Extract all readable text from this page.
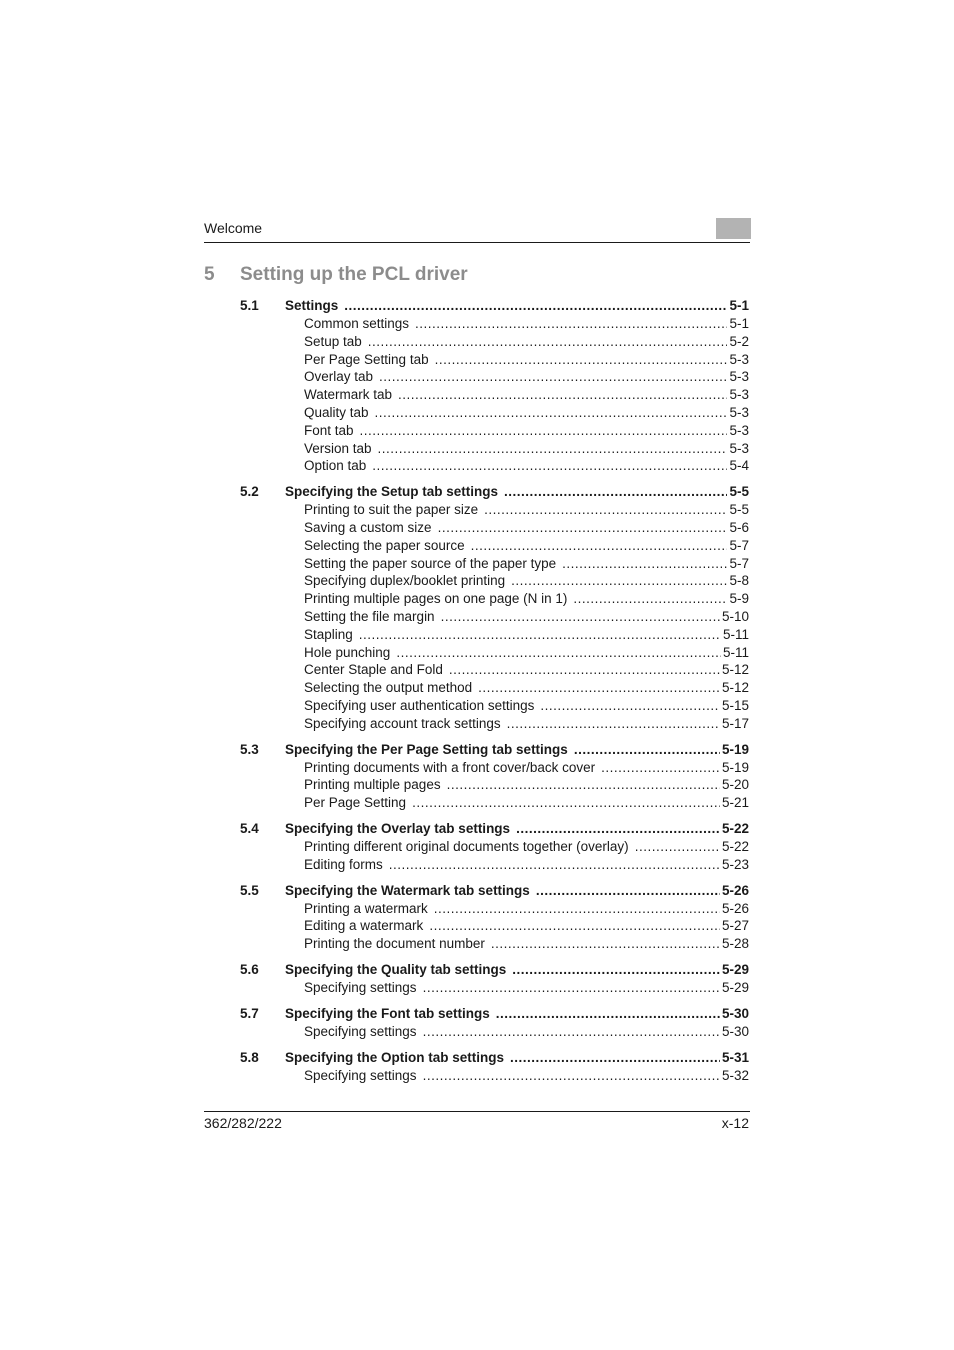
Welcome
5 Setting up the PCL driver
5.1 Settings .....	5-1
Common settings .....	5-1
Setup tab .....	5-2
Per Page Setting tab .....	5-3
Overlay tab .....	5-3
Watermark tab .....	5-3
Quality tab .....	5-3
Font tab .....	5-3
Version tab .....	5-3
Option tab .....	5-4
5.2 Specifying the Setup tab settings .....	5-5
Printing to suit the paper size .....	5-5
Saving a custom size .....	5-6
Selecting the paper source .....	5-7
Setting the paper source of the paper type .....	5-7
Specifying duplex/booklet printing .....	5-8
Printing multiple pages on one page (N in 1) .....	5-9
Setting the file margin .....	5-10
Stapling .....	5-11
Hole punching .....	5-11
Center Staple and Fold .....	5-12
Selecting the output method .....	5-12
Specifying user authentication settings .....	5-15
Specifying account track settings .....	5-17
5.3 Specifying the Per Page Setting tab settings .....	5-19
Printing documents with a front cover/back cover .....	5-19
Printing multiple pages .....	5-20
Per Page Setting .....	5-21
5.4 Specifying the Overlay tab settings .....	5-22
Printing different original documents together (overlay) .....	5-22
Editing forms .....	5-23
5.5 Specifying the Watermark tab settings .....	5-26
Printing a watermark .....	5-26
Editing a watermark .....	5-27
Printing the document number .....	5-28
5.6 Specifying the Quality tab settings .....	5-29
Specifying settings .....	5-29
5.7 Specifying the Font tab settings .....	5-30
Specifying settings .....	5-30
5.8 Specifying the Option tab settings .....	5-31
Specifying settings .....	5-32
362/282/222	x-12
